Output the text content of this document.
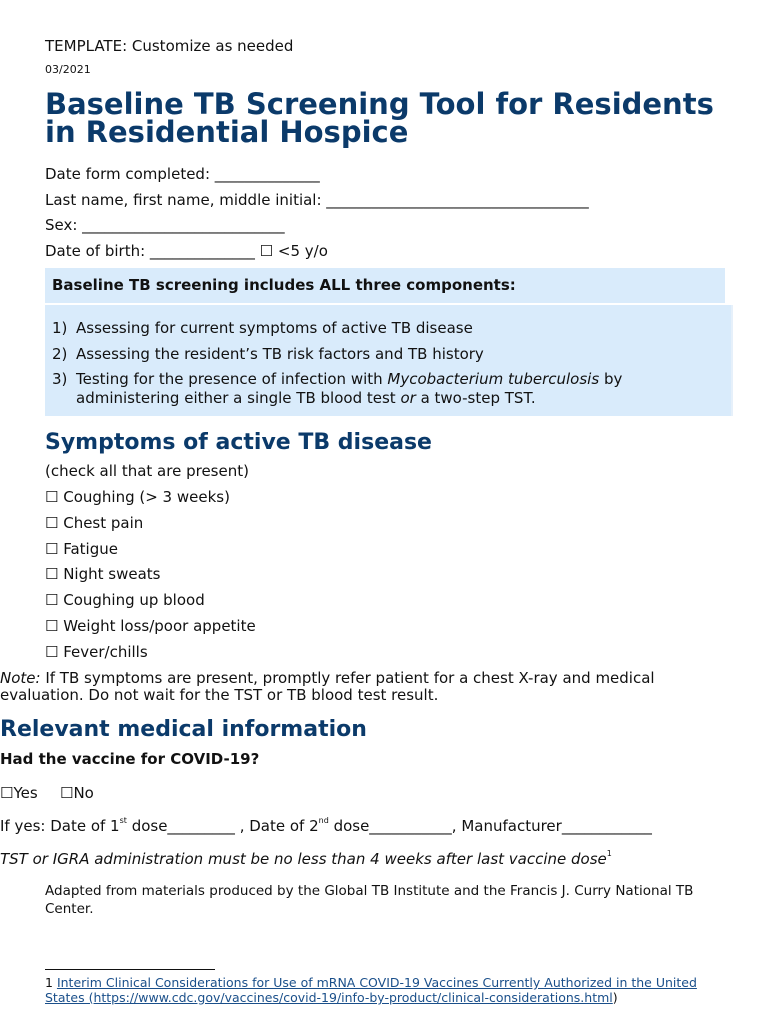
TEMPLATE: Customize as needed
03/2021
Baseline TB Screening Tool for Residents
in Residential Hospice
Date form completed: ______________
Last name, first name, middle initial: ___________________________________
Sex: ___________________________
Date of birth: ______________ ☐ <5 y/o
Baseline TB screening includes ALL three components:
1) Assessing for current symptoms of active TB disease
2) Assessing the resident’s TB risk factors and TB history
3) Testing for the presence of infection with Mycobacterium tuberculosis by
administering either a single TB blood test or a two-step TST.
Symptoms of active TB disease
(check all that are present)
☐ Coughing (> 3 weeks)
☐ Chest pain
☐ Fatigue
☐ Night sweats
☐ Coughing up blood
☐ Weight loss/poor appetite
☐ Fever/chills
Note: If TB symptoms are present, promptly refer patient for a chest X-ray and medical
evaluation. Do not wait for the TST or TB blood test result.
Relevant medical information
Had the vaccine for COVID-19?
☐Yes ☐No
If yes: Date of 1st dose_________ , Date of 2nd dose___________, Manufacturer____________
TST or IGRA administration must be no less than 4 weeks after last vaccine dose$^1$
Adapted from materials produced by the Global TB Institute and the Francis J. Curry National TB
Center.
1 Interim Clinical Considerations for Use of mRNA COVID-19 Vaccines Currently Authorized in the United
States (https://www.cdc.gov/vaccines/covid-19/info-by-product/clinical-considerations.html)
